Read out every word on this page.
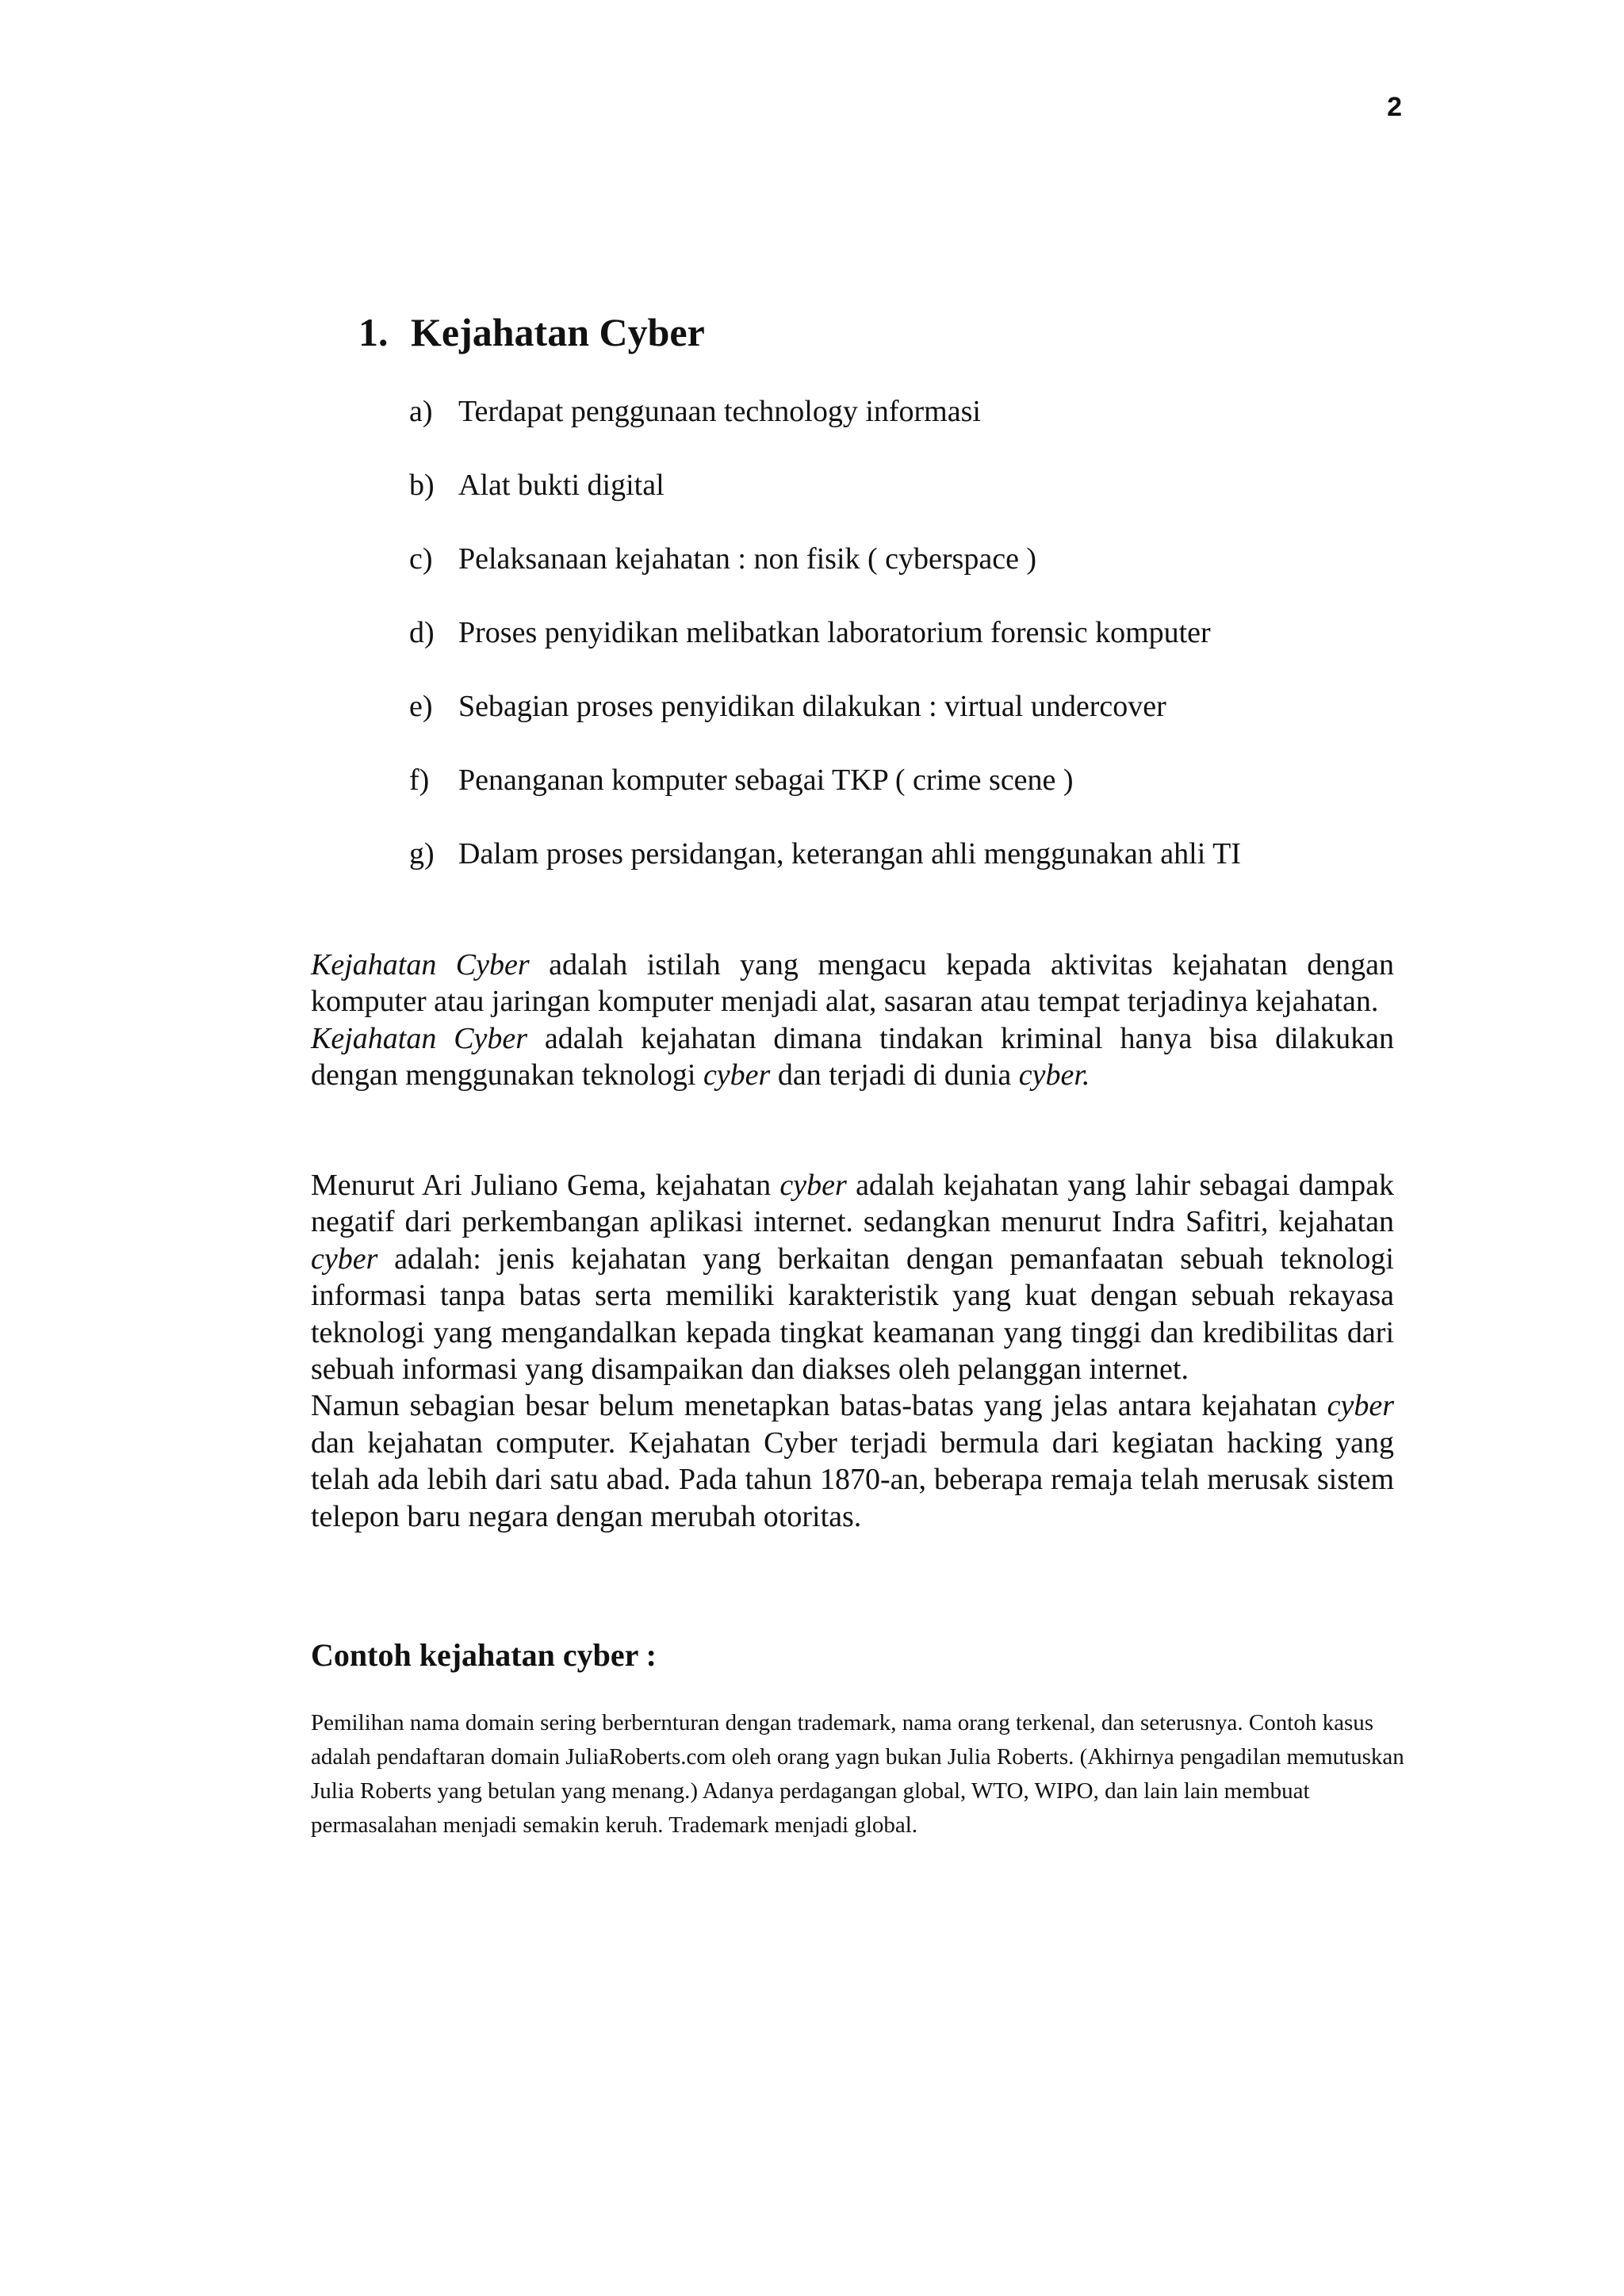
2
1. Kejahatan Cyber
a) Terdapat penggunaan technology informasi
b) Alat bukti digital
c) Pelaksanaan kejahatan : non fisik ( cyberspace )
d) Proses penyidikan melibatkan laboratorium forensic komputer
e) Sebagian proses penyidikan dilakukan : virtual undercover
f) Penanganan komputer sebagai TKP ( crime scene )
g) Dalam proses persidangan, keterangan ahli menggunakan ahli TI

Kejahatan Cyber adalah istilah yang mengacu kepada aktivitas kejahatan dengan komputer atau jaringan komputer menjadi alat, sasaran atau tempat terjadinya kejahatan.

Kejahatan Cyber adalah kejahatan dimana tindakan kriminal hanya bisa dilakukan dengan menggunakan teknologi cyber dan terjadi di dunia cyber.

Menurut Ari Juliano Gema, kejahatan cyber adalah kejahatan yang lahir sebagai dampak negatif dari perkembangan aplikasi internet. sedangkan menurut Indra Safitri, kejahatan cyber adalah: jenis kejahatan yang berkaitan dengan pemanfaatan sebuah teknologi informasi tanpa batas serta memiliki karakteristik yang kuat dengan sebuah rekayasa teknologi yang mengandalkan kepada tingkat keamanan yang tinggi dan kredibilitas dari sebuah informasi yang disampaikan dan diakses oleh pelanggan internet.

Namun sebagian besar belum menetapkan batas-batas yang jelas antara kejahatan cyber dan kejahatan computer. Kejahatan Cyber terjadi bermula dari kegiatan hacking yang telah ada lebih dari satu abad. Pada tahun 1870-an, beberapa remaja telah merusak sistem telepon baru negara dengan merubah otoritas.

Contoh kejahatan cyber :

Pemilihan nama domain sering berbernturan dengan trademark, nama orang terkenal, dan seterusnya. Contoh kasus adalah pendaftaran domain JuliaRoberts.com oleh orang yagn bukan Julia Roberts. (Akhirnya pengadilan memutuskan Julia Roberts yang betulan yang menang.) Adanya perdagangan global, WTO, WIPO, dan lain lain membuat permasalahan menjadi semakin keruh. Trademark menjadi global.
